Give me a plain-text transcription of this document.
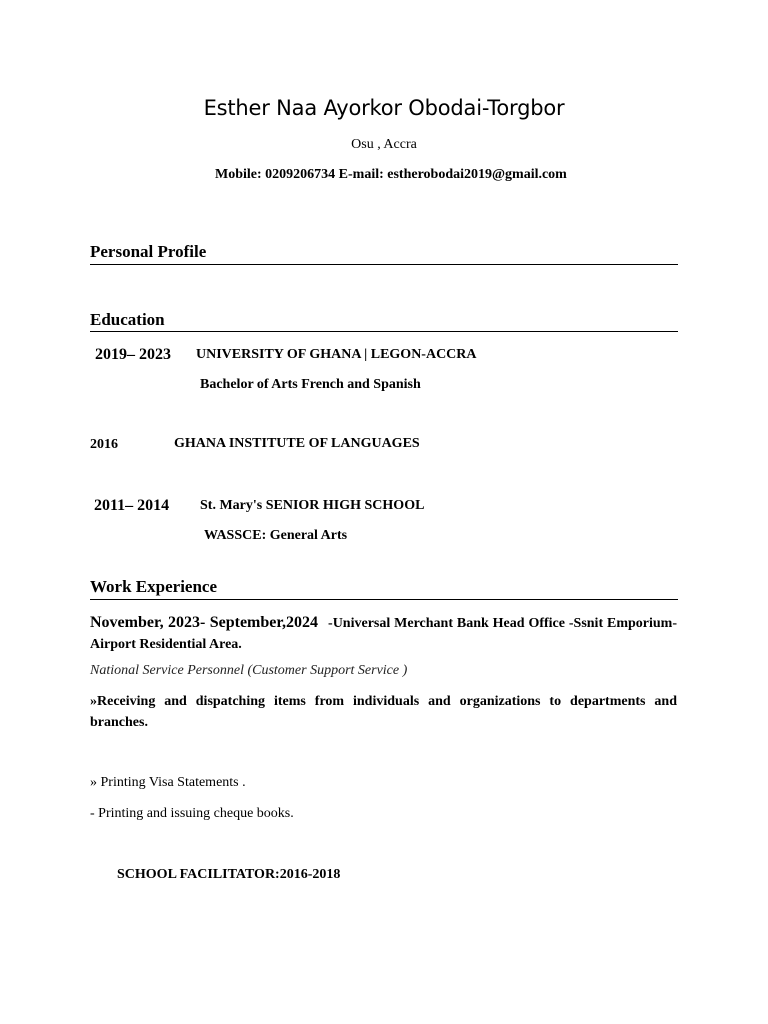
Esther Naa Ayorkor Obodai-Torgbor
Osu , Accra
Mobile: 0209206734 E-mail: estherobodai2019@gmail.com
Personal Profile
Education
2019– 2023 UNIVERSITY OF GHANA | LEGON-ACCRA
Bachelor of Arts French and Spanish
2016	GHANA INSTITUTE OF LANGUAGES
2011– 2014 St. Mary's SENIOR HIGH SCHOOL
WASSCE: General Arts
Work Experience
November, 2023- September,2024 -Universal Merchant Bank Head Office -Ssnit Emporium-Airport Residential Area.
National Service Personnel (Customer Support Service )
»Receiving and dispatching items from individuals and organizations to departments and branches.
» Printing Visa Statements .
- Printing and issuing cheque books.
SCHOOL FACILITATOR:2016-2018
